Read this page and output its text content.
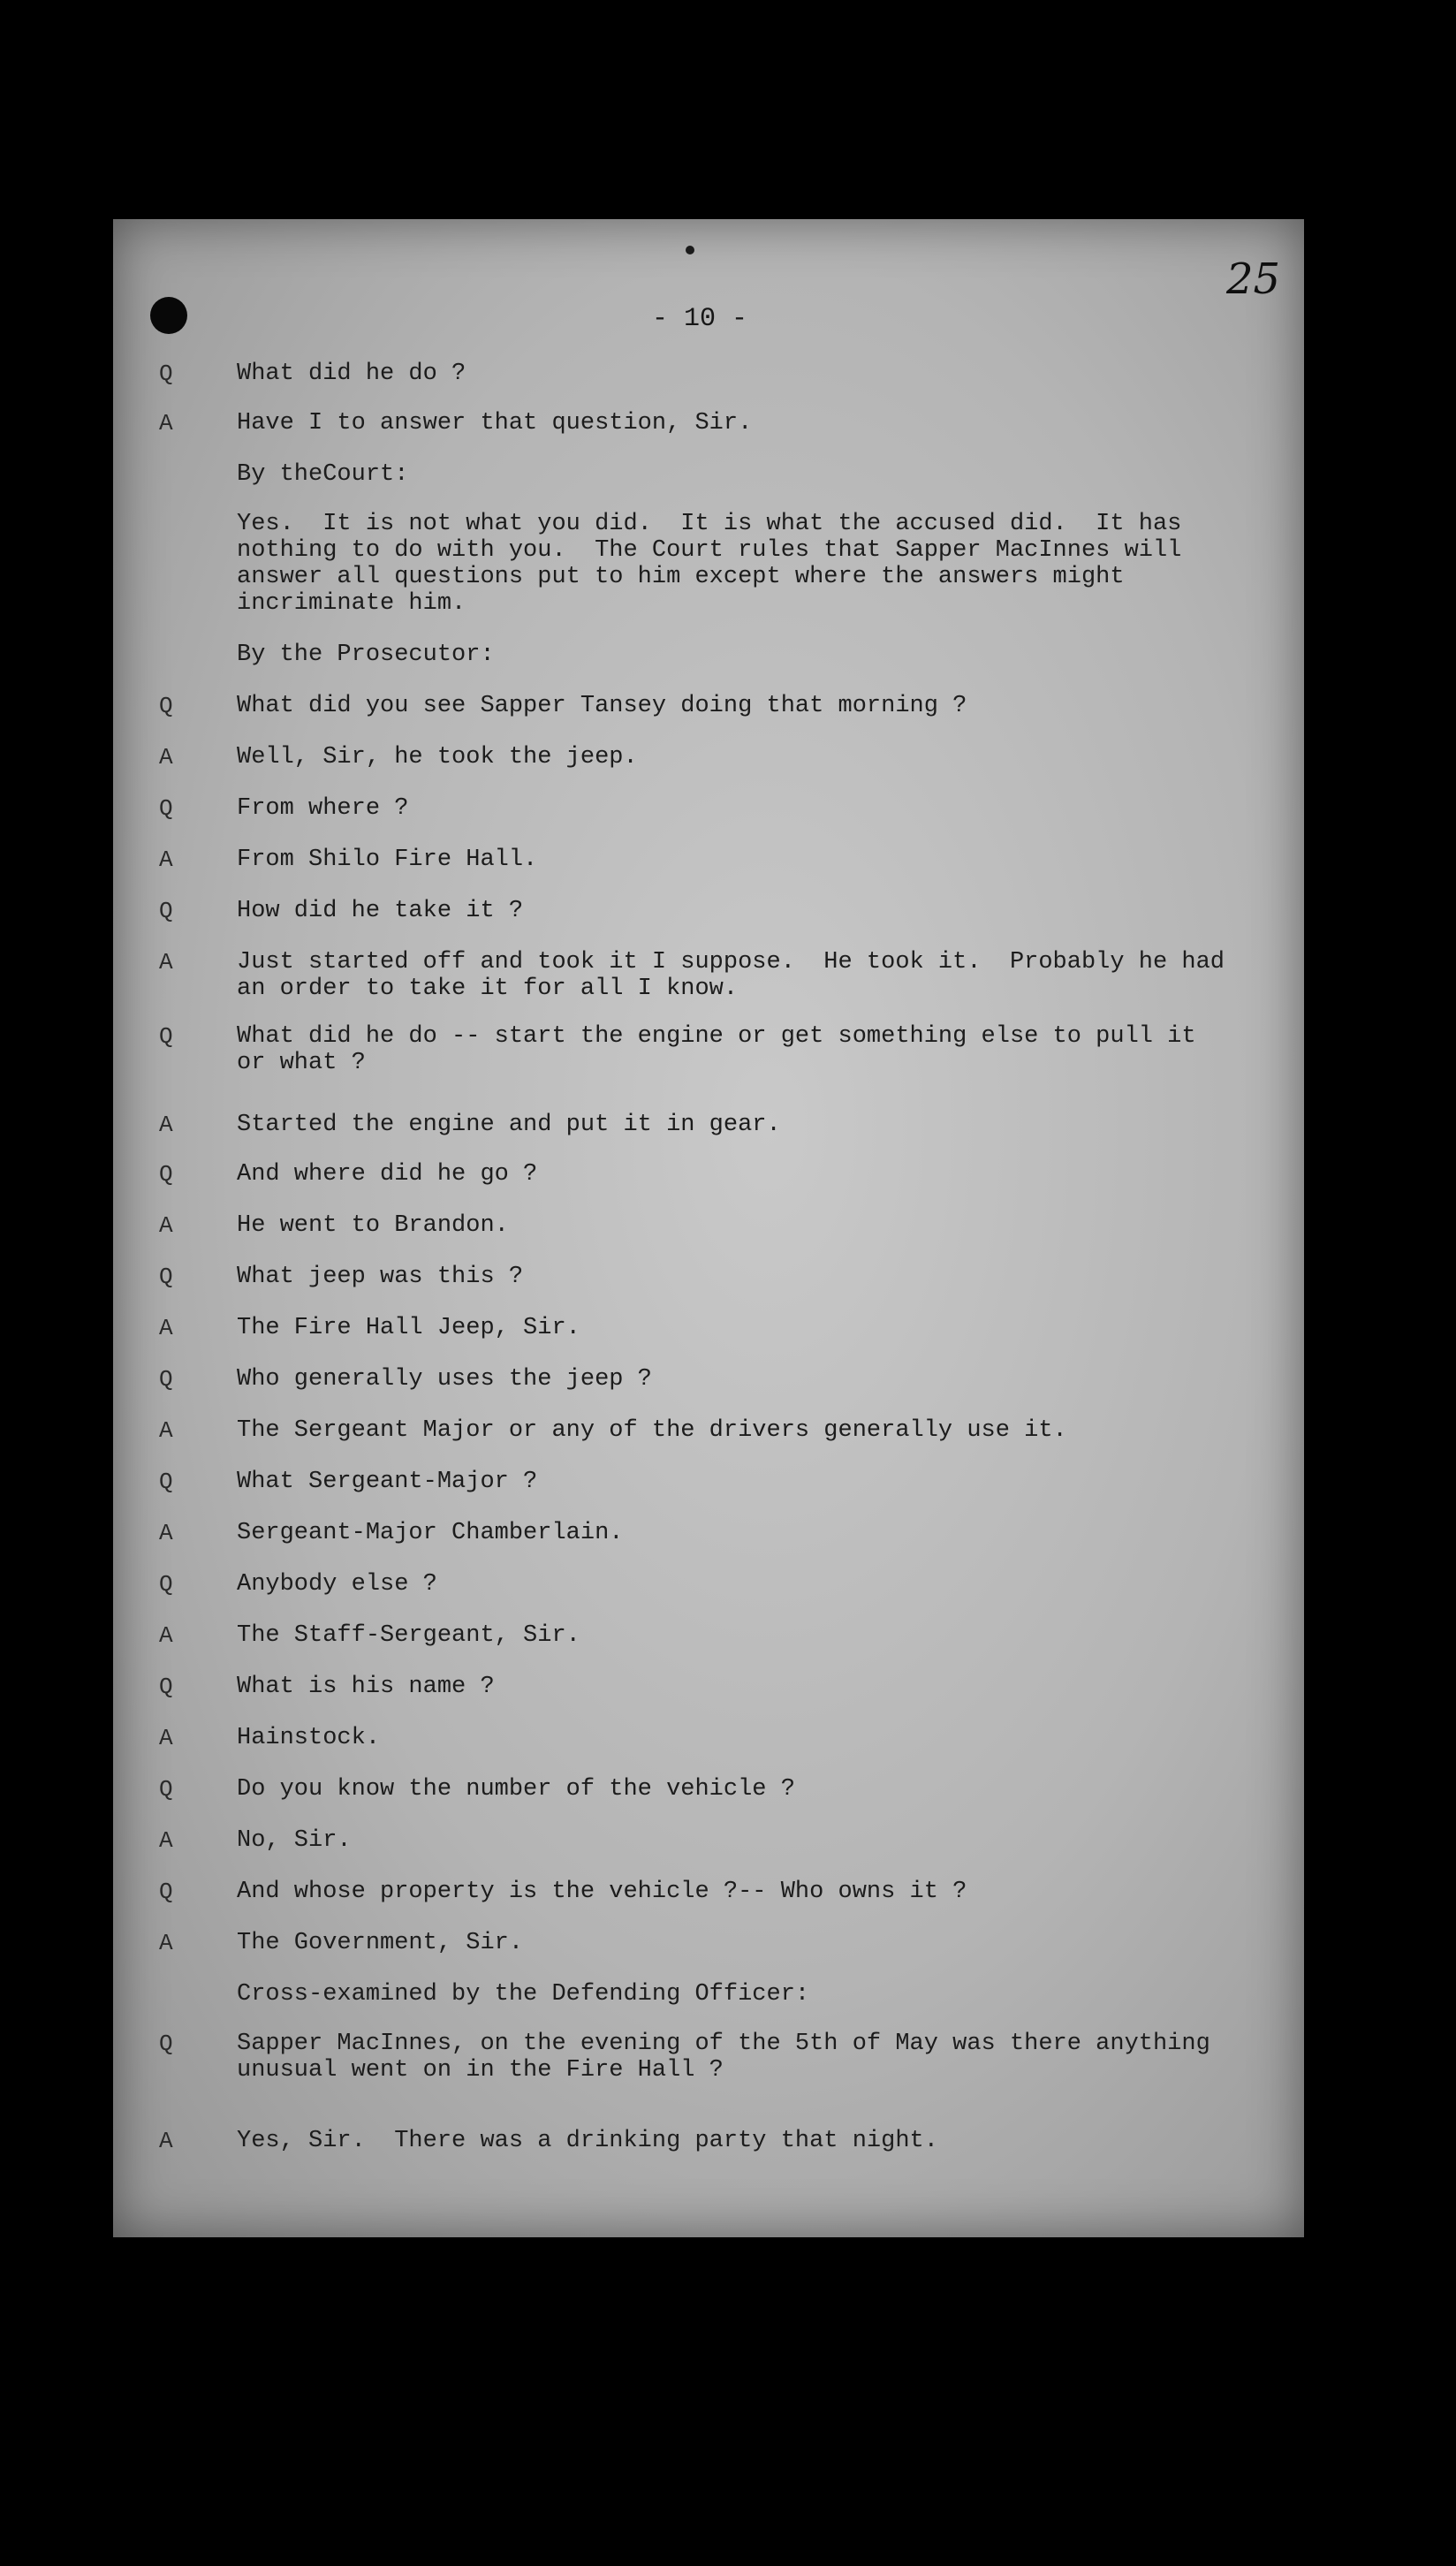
- 10 -
25
Q	What did he do ?
A	Have I to answer that question, Sir.
By theCourt:
Yes.  It is not what you did.  It is what the accused did.  It has
nothing to do with you.  The Court rules that Sapper MacInnes will
answer all questions put to him except where the answers might
incriminate him.
By the Prosecutor:
Q	What did you see Sapper Tansey doing that morning ?
A	Well, Sir, he took the jeep.
Q	From where ?
A	From Shilo Fire Hall.
Q	How did he take it ?
A	Just started off and took it I suppose.  He took it.  Probably he had
an order to take it for all I know.
Q	What did he do -- start the engine or get something else to pull it
or what ?
A	Started the engine and put it in gear.
Q	And where did he go ?
A	He went to Brandon.
Q	What jeep was this ?
A	The Fire Hall Jeep, Sir.
Q	Who generally uses the jeep ?
A	The Sergeant Major or any of the drivers generally use it.
Q	What Sergeant-Major ?
A	Sergeant-Major Chamberlain.
Q	Anybody else ?
A	The Staff-Sergeant, Sir.
Q	What is his name ?
A	Hainstock.
Q	Do you know the number of the vehicle ?
A	No, Sir.
Q	And whose property is the vehicle ?-- Who owns it ?
A	The Government, Sir.
Cross-examined by the Defending Officer:
Q	Sapper MacInnes, on the evening of the 5th of May was there anything
unusual went on in the Fire Hall ?
A	Yes, Sir.  There was a drinking party that night.
